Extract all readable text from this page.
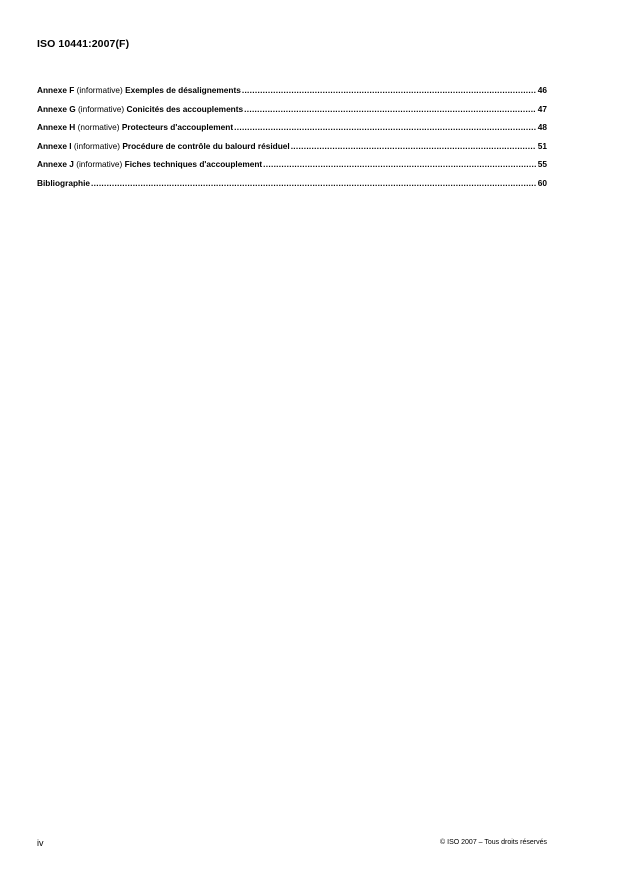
ISO 10441:2007(F)
Annexe F (informative) Exemples de désalignements .....	46
Annexe G (informative) Conicités des accouplements .....	47
Annexe H (normative) Protecteurs d'accouplement .....	48
Annexe I (informative) Procédure de contrôle du balourd résiduel .....	51
Annexe J (informative) Fiches techniques d'accouplement .....	55
Bibliographie .....	60
iv	© ISO 2007 – Tous droits réservés
